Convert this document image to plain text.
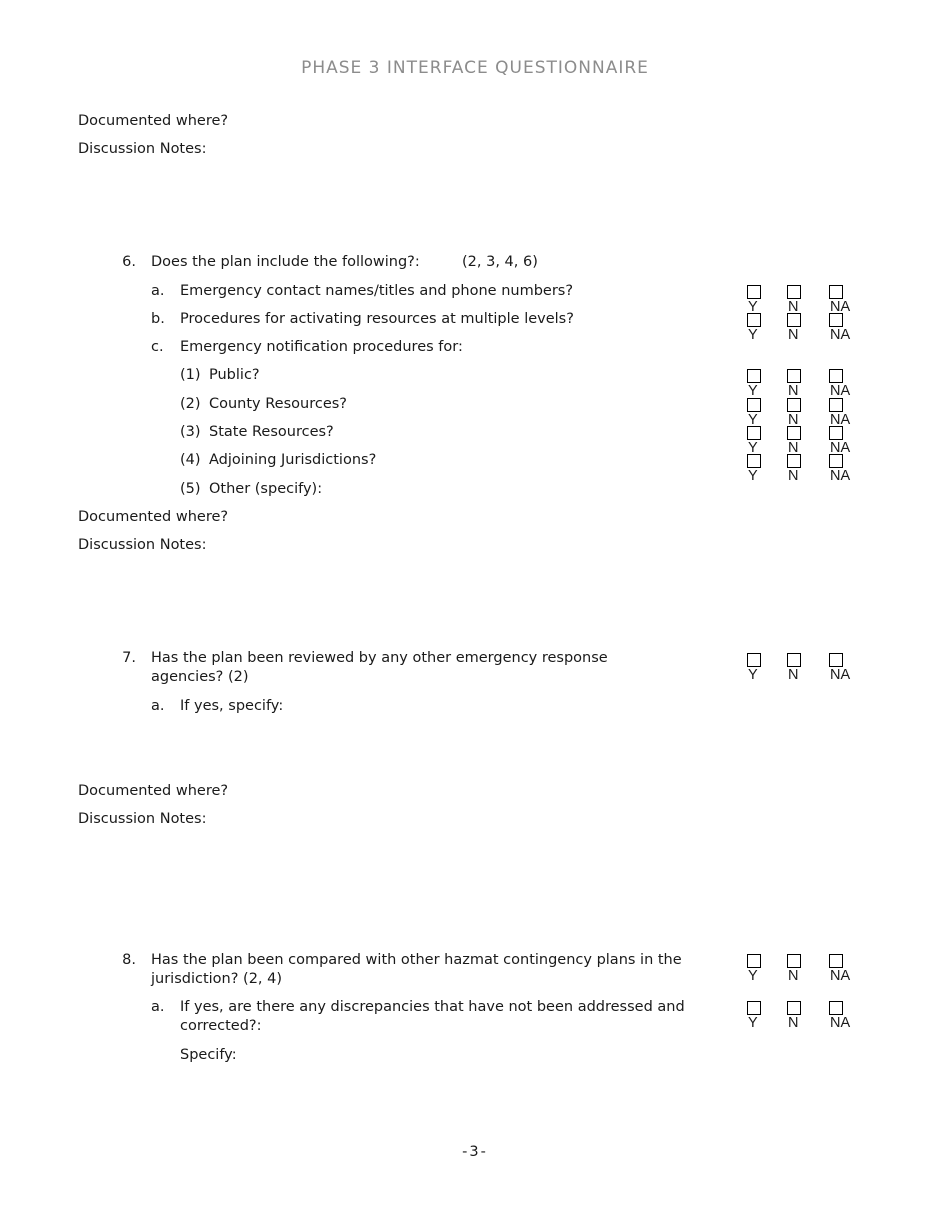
PHASE 3 INTERFACE QUESTIONNAIRE
Documented where?
Discussion Notes:
6. Does the plan include the following?:	(2, 3, 4, 6)
a. Emergency contact names/titles and phone numbers?
Y N NA
b. Procedures for activating resources at multiple levels?
Y N NA
c. Emergency notification procedures for:
(1) Public?
Y N NA
(2) County Resources?
Y N NA
(3) State Resources?
Y N NA
(4) Adjoining Jurisdictions?
Y N NA
(5) Other (specify):
Documented where?
Discussion Notes:
7. Has the plan been reviewed by any other emergency response agencies? (2)	Y N NA
a. If yes, specify:
Documented where?
Discussion Notes:
8. Has the plan been compared with other hazmat contingency plans in the jurisdiction? (2, 4)	Y N NA
a. If yes, are there any discrepancies that have not been addressed and corrected?:	Y N NA
Specify:
-3-
